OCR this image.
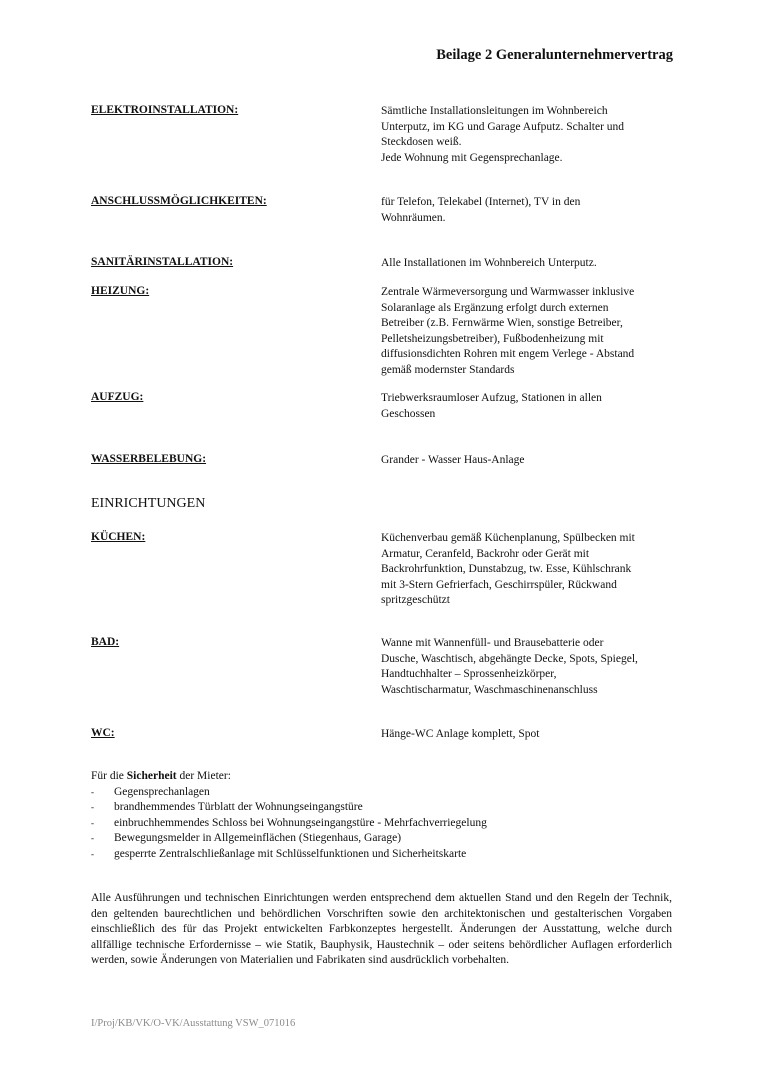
Beilage 2 Generalunternehmervertrag
ELEKTROINSTALLATION:	Sämtliche Installationsleitungen im Wohnbereich
Unterputz, im KG und Garage Aufputz. Schalter und
Steckdosen weiß.
Jede Wohnung mit Gegensprechanlage.
ANSCHLUSSMÖGLICHKEITEN:	für Telefon, Telekabel (Internet), TV in den
Wohnräumen.
SANITÄRINSTALLATION:	Alle Installationen im Wohnbereich Unterputz.
HEIZUNG:	Zentrale Wärmeversorgung und Warmwasser inklusive
Solaranlage als Ergänzung erfolgt durch externen
Betreiber (z.B. Fernwärme Wien, sonstige Betreiber,
Pelletsheizungsbetreiber), Fußbodenheizung mit
diffusionsdichten Rohren mit engem Verlege - Abstand
gemäß modernster Standards
AUFZUG:	Triebwerksraumloser Aufzug, Stationen in allen
Geschossen
WASSERBELEBUNG:	Grander - Wasser Haus-Anlage
EINRICHTUNGEN
KÜCHEN:	Küchenverbau gemäß Küchenplanung, Spülbecken mit
Armatur, Ceranfeld, Backrohr oder Gerät mit
Backrohrfunktion, Dunstabzug, tw. Esse, Kühlschrank
mit 3-Stern Gefrierfach, Geschirrspüler, Rückwand
spritzgeschützt
BAD:	Wanne mit Wannenfüll- und Brausebatterie oder
Dusche, Waschtisch, abgehängte Decke, Spots, Spiegel,
Handtuchhalter – Sprossenheizkörper,
Waschtischarmatur, Waschmaschinenanschluss
WC:	Hänge-WC Anlage komplett, Spot
Für die Sicherheit der Mieter:
- Gegensprechanlagen
- brandhemmendes Türblatt der Wohnungseingangstüre
- einbruchhemmendes Schloss bei Wohnungseingangstüre - Mehrfachverriegelung
- Bewegungsmelder in Allgemeinflächen (Stiegenhaus, Garage)
- gesperrte Zentralschließanlage mit Schlüsselfunktionen und Sicherheitskarte
Alle Ausführungen und technischen Einrichtungen werden entsprechend dem aktuellen Stand und den Regeln der Technik, den geltenden baurechtlichen und behördlichen Vorschriften sowie den architektonischen und gestalterischen Vorgaben einschließlich des für das Projekt entwickelten Farbkonzeptes hergestellt. Änderungen der Ausstattung, welche durch allfällige technische Erfordernisse – wie Statik, Bauphysik, Haustechnik – oder seitens behördlicher Auflagen erforderlich werden, sowie Änderungen von Materialien und Fabrikaten sind ausdrücklich vorbehalten.
I/Proj/KB/VK/O-VK/Ausstattung VSW_071016
